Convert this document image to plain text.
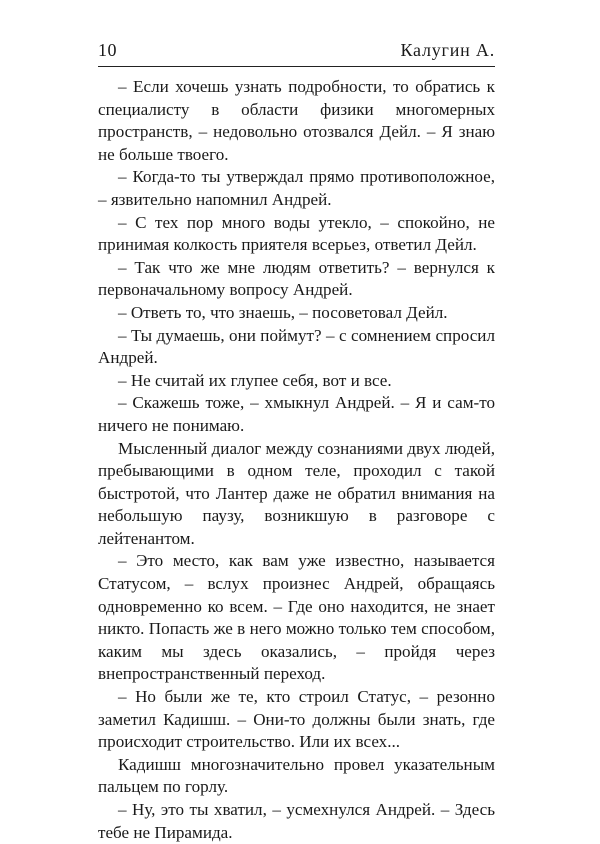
10	Калугин А.

– Если хочешь узнать подробности, то обратись к специалисту в области физики многомерных пространств, – недовольно отозвался Дейл. – Я знаю не больше твоего.

– Когда-то ты утверждал прямо противоположное, – язвительно напомнил Андрей.

– С тех пор много воды утекло, – спокойно, не принимая колкость приятеля всерьез, ответил Дейл.

– Так что же мне людям ответить? – вернулся к первоначальному вопросу Андрей.

– Ответь то, что знаешь, – посоветовал Дейл.

– Ты думаешь, они поймут? – с сомнением спросил Андрей.

– Не считай их глупее себя, вот и все.

– Скажешь тоже, – хмыкнул Андрей. – Я и сам-то ничего не понимаю.

Мысленный диалог между сознаниями двух людей, пребывающими в одном теле, проходил с такой быстротой, что Лантер даже не обратил внимания на небольшую паузу, возникшую в разговоре с лейтенантом.

– Это место, как вам уже известно, называется Статусом, – вслух произнес Андрей, обращаясь одновременно ко всем. – Где оно находится, не знает никто. Попасть же в него можно только тем способом, каким мы здесь оказались, – пройдя через внепространственный переход.

– Но были же те, кто строил Статус, – резонно заметил Кадишш. – Они-то должны были знать, где происходит строительство. Или их всех...

Кадишш многозначительно провел указательным пальцем по горлу.

– Ну, это ты хватил, – усмехнулся Андрей. – Здесь тебе не Пирамида.
